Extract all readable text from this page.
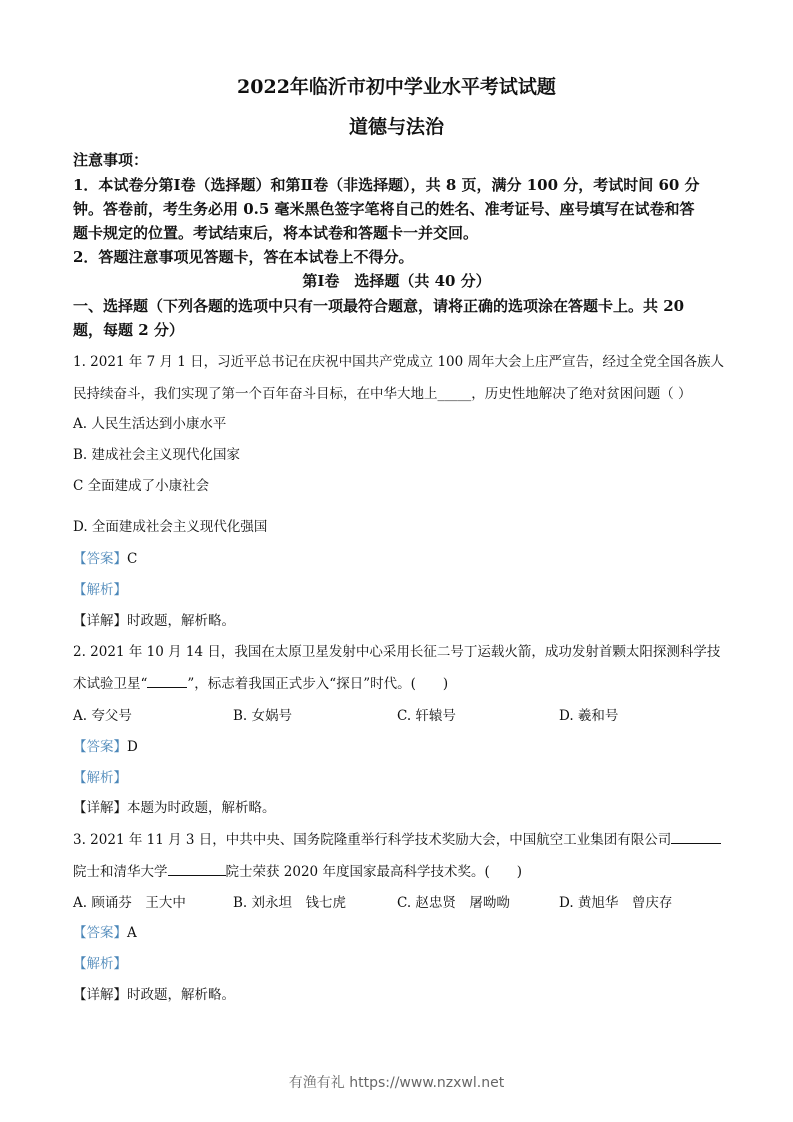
2022年临沂市初中学业水平考试试题
道德与法治
注意事项：
1．本试卷分第Ⅰ卷（选择题）和第Ⅱ卷（非选择题），共 8 页，满分 100 分，考试时间 60 分
钟。答卷前，考生务必用 0.5 毫米黑色签字笔将自己的姓名、准考证号、座号填写在试卷和答
题卡规定的位置。考试结束后，将本试卷和答题卡一并交回。
2．答题注意事项见答题卡，答在本试卷上不得分。
第Ⅰ卷　选择题（共 40 分）
一、选择题（下列各题的选项中只有一项最符合题意，请将正确的选项涂在答题卡上。共 20
题，每题 2 分）
1. 2021 年 7 月 1 日，习近平总书记在庆祝中国共产党成立 100 周年大会上庄严宣告，经过全党全国各族人
民持续奋斗，我们实现了第一个百年奋斗目标，在中华大地上_____，历史性地解决了绝对贫困问题（ ）
A. 人民生活达到小康水平
B. 建成社会主义现代化国家
C 全面建成了小康社会
D. 全面建成社会主义现代化强国
【答案】C
【解析】
【详解】时政题，解析略。
2. 2021 年 10 月 14 日，我国在太原卫星发射中心采用长征二号丁运载火箭，成功发射首颗太阳探测科学技
术试验卫星“	”，标志着我国正式步入“探日”时代。(　　)
A. 夸父号	B. 女娲号	C. 轩辕号	D. 羲和号
【答案】D
【解析】
【详解】本题为时政题，解析略。
3. 2021 年 11 月 3 日，中共中央、国务院隆重举行科学技术奖励大会，中国航空工业集团有限公司
院士和清华大学	院士荣获 2020 年度国家最高科学技术奖。(　　)
A. 顾诵芬　王大中	B. 刘永坦　钱七虎	C. 赵忠贤　屠呦呦	D. 黄旭华　曾庆存
【答案】A
【解析】
【详解】时政题，解析略。
有渔有礼 https://www.nzxwl.net
